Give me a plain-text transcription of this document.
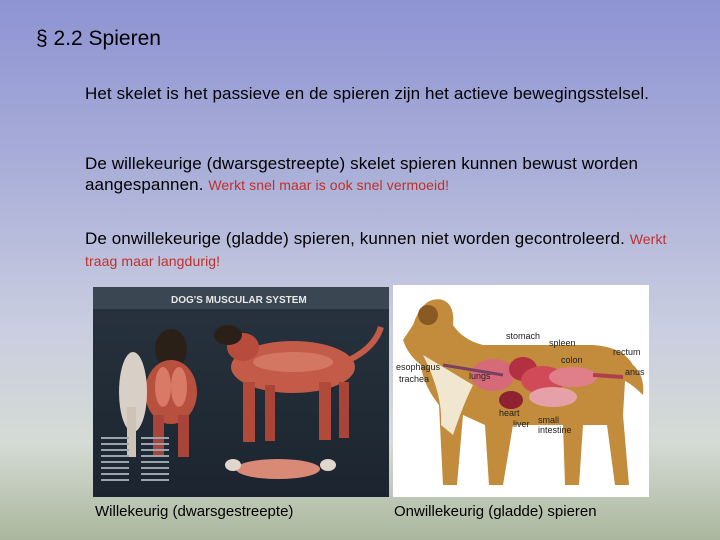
§ 2.2 Spieren
Het skelet is het passieve en de spieren zijn het actieve bewegingsstelsel.
De willekeurige (dwarsgestreepte) skelet spieren kunnen bewust worden aangespannen. Werkt snel maar is ook snel vermoeid!
De onwillekeurige (gladde) spieren, kunnen niet worden gecontroleerd. Werkt traag maar langdurig!
DOG'S MUSCULAR SYSTEM
stomach
spleen
rectum
colon
anus
esophagus
trachea	lungs
heart
liver small
intestine
Willekeurig (dwarsgestreepte)	Onwillekeurig (gladde) spieren
